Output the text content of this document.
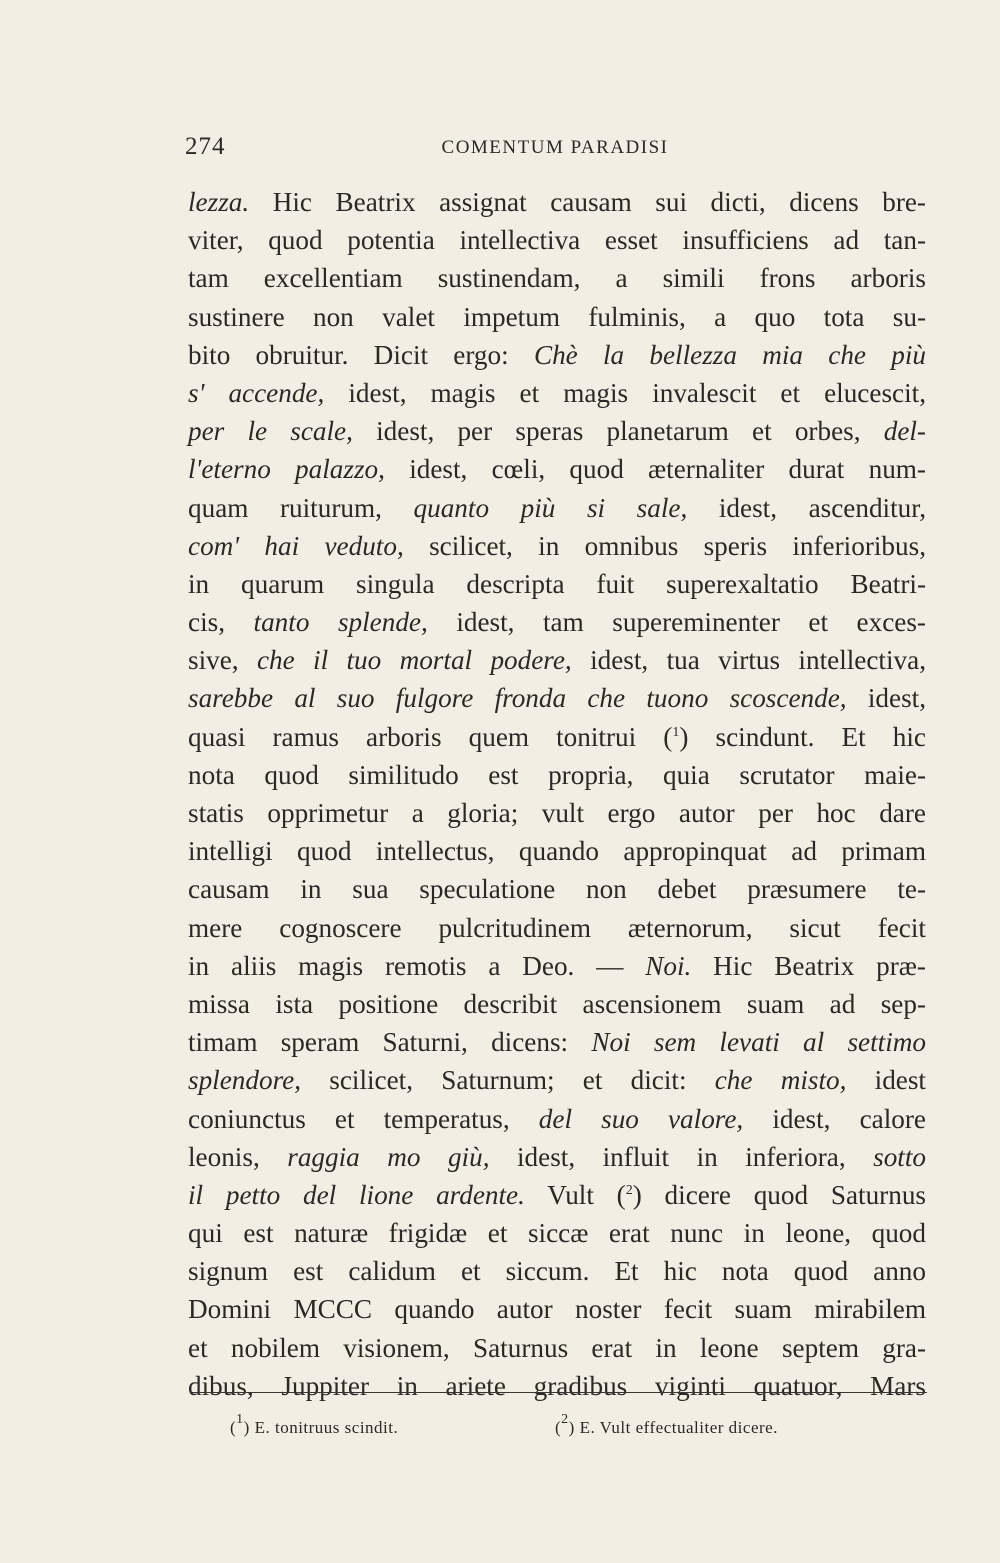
274	COMENTUM PARADISI
lezza. Hic Beatrix assignat causam sui dicti, dicens bre-
viter, quod potentia intellectiva esset insufficiens ad tan-
tam excellentiam sustinendam, a simili frons arboris
sustinere non valet impetum fulminis, a quo tota su-
bito obruitur. Dicit ergo: Chè la bellezza mia che più
s' accende, idest, magis et magis invalescit et elucescit,
per le scale, idest, per speras planetarum et orbes, del-
l'eterno palazzo, idest, cœli, quod æternaliter durat num-
quam ruiturum, quanto più si sale, idest, ascenditur,
com' hai veduto, scilicet, in omnibus speris inferioribus,
in quarum singula descripta fuit superexaltatio Beatri-
cis, tanto splende, idest, tam supereminenter et exces-
sive, che il tuo mortal podere, idest, tua virtus intellectiva,
sarebbe al suo fulgore fronda che tuono scoscende, idest,
quasi ramus arboris quem tonitrui ($^1$) scindunt. Et hic
nota quod similitudo est propria, quia scrutator maie-
statis opprimetur a gloria; vult ergo autor per hoc dare
intelligi quod intellectus, quando appropinquat ad primam
causam in sua speculatione non debet præsumere te-
mere cognoscere pulcritudinem æternorum, sicut fecit
in aliis magis remotis a Deo. — Noi. Hic Beatrix præ-
missa ista positione describit ascensionem suam ad sep-
timam speram Saturni, dicens: Noi sem levati al settimo
splendore, scilicet, Saturnum; et dicit: che misto, idest
coniunctus et temperatus, del suo valore, idest, calore
leonis, raggia mo giù, idest, influit in inferiora, sotto
il petto del lione ardente. Vult ($^2$) dicere quod Saturnus
qui est naturæ frigidæ et siccæ erat nunc in leone, quod
signum est calidum et siccum. Et hic nota quod anno
Domini MCCC quando autor noster fecit suam mirabilem
et nobilem visionem, Saturnus erat in leone septem gra-
dibus, Juppiter in ariete gradibus viginti quatuor, Mars
($^1$) E. tonitruus scindit.	($^2$) E. Vult effectualiter dicere.
